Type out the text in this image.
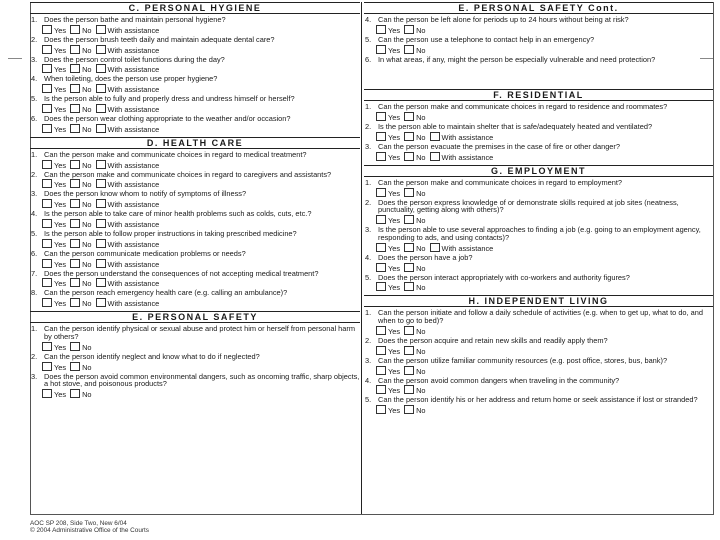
C. PERSONAL HYGIENE
1. Does the person bathe and maintain personal hygiene?
Yes No With assistance
2. Does the person brush teeth daily and maintain adequate dental care?
Yes No With assistance
3. Does the person control toilet functions during the day?
Yes No With assistance
4. When toileting, does the person use proper hygiene?
Yes No With assistance
5. Is the person able to fully and properly dress and undress himself or herself?
Yes No With assistance
6. Does the person wear clothing appropriate to the weather and/or occasion?
Yes No With assistance
D. HEALTH CARE
1. Can the person make and communicate choices in regard to medical treatment?
Yes No With assistance
2. Can the person make and communicate choices in regard to caregivers and assistants?
Yes No With assistance
3. Does the person know whom to notify of symptoms of illness?
Yes No With assistance
4. Is the person able to take care of minor health problems such as colds, cuts, etc.?
Yes No With assistance
5. Is the person able to follow proper instructions in taking prescribed medicine?
Yes No With assistance
6. Can the person communicate medication problems or needs?
Yes No With assistance
7. Does the person understand the consequences of not accepting medical treatment?
Yes No With assistance
8. Can the person reach emergency health care (e.g. calling an ambulance)?
Yes No With assistance
E. PERSONAL SAFETY
1. Can the person identify physical or sexual abuse and protect him or herself from personal harm by others?
Yes No
2. Can the person identify neglect and know what to do if neglected?
Yes No
3. Does the person avoid common environmental dangers, such as oncoming traffic, sharp objects, a hot stove, and poisonous products?
Yes No
E. PERSONAL SAFETY Cont.
4. Can the person be left alone for periods up to 24 hours without being at risk?
Yes No
5. Can the person use a telephone to contact help in an emergency?
Yes No
6. In what areas, if any, might the person be especially vulnerable and need protection?
F. RESIDENTIAL
1. Can the person make and communicate choices in regard to residence and roommates?
Yes No
2. Is the person able to maintain shelter that is safe/adequately heated and ventilated?
Yes No With assistance
3. Can the person evacuate the premises in the case of fire or other danger?
Yes No With assistance
G. EMPLOYMENT
1. Can the person make and communicate choices in regard to employment?
Yes No
2. Does the person express knowledge of or demonstrate skills required at job sites (neatness, punctuality, getting along with others)?
Yes No
3. Is the person able to use several approaches to finding a job (e.g. going to an employment agency, responding to ads, and using contacts)?
Yes No With assistance
4. Does the person have a job?
Yes No
5. Does the person interact appropriately with co-workers and authority figures?
Yes No
H. INDEPENDENT LIVING
1. Can the person initiate and follow a daily schedule of activities (e.g. when to get up, what to do, and when to go to bed)?
Yes No
2. Does the person acquire and retain new skills and readily apply them?
Yes No
3. Can the person utilize familiar community resources (e.g. post office, stores, bus, bank)?
Yes No
4. Can the person avoid common dangers when traveling in the community?
Yes No
5. Can the person identify his or her address and return home or seek assistance if lost or stranded?
Yes No
AOC SP 208, Side Two, New 6/04
© 2004 Administrative Office of the Courts
